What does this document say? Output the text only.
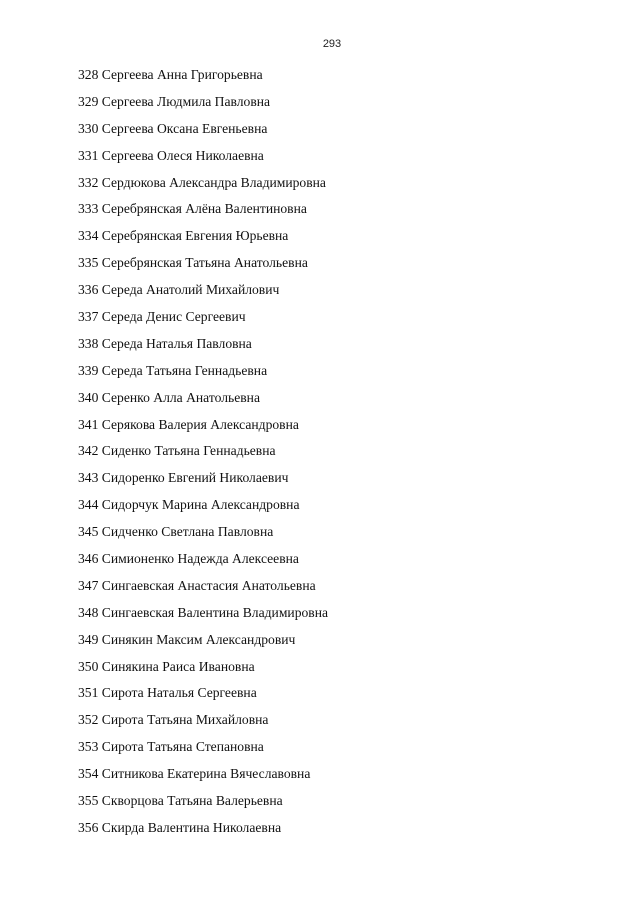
293
328 Сергеева Анна Григорьевна
329 Сергеева Людмила Павловна
330 Сергеева Оксана Евгеньевна
331 Сергеева Олеся Николаевна
332 Сердюкова Александра Владимировна
333 Серебрянская Алёна Валентиновна
334 Серебрянская Евгения Юрьевна
335 Серебрянская Татьяна Анатольевна
336 Середа Анатолий Михайлович
337 Середа Денис Сергеевич
338 Середа Наталья Павловна
339 Середа Татьяна Геннадьевна
340 Серенко Алла Анатольевна
341 Серякова Валерия Александровна
342 Сиденко Татьяна Геннадьевна
343 Сидоренко Евгений Николаевич
344 Сидорчук Марина Александровна
345 Сидченко Светлана Павловна
346 Симионенко Надежда Алексеевна
347 Сингаевская Анастасия Анатольевна
348 Сингаевская Валентина Владимировна
349 Синякин Максим Александрович
350 Синякина Раиса Ивановна
351 Сирота Наталья Сергеевна
352 Сирота Татьяна Михайловна
353 Сирота Татьяна Степановна
354 Ситникова Екатерина Вячеславовна
355 Скворцова Татьяна Валерьевна
356 Скирда Валентина Николаевна
